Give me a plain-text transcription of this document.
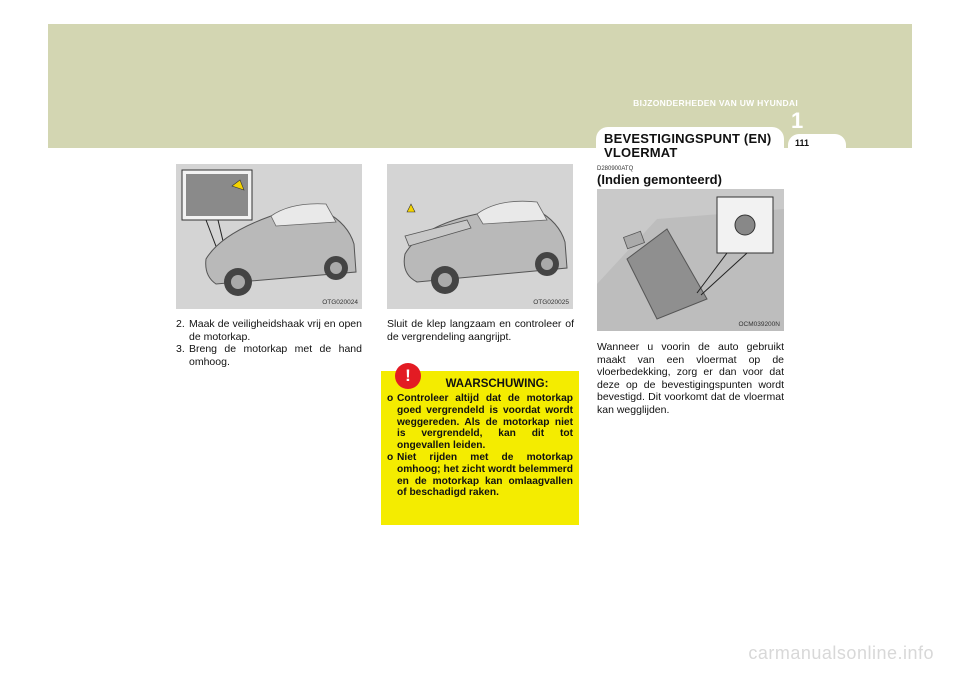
BIJZONDERHEDEN VAN UW HYUNDAI
1
111
BEVESTIGINGSPUNT (EN) VLOERMAT
D280900ATQ
(Indien gemonteerd)
OTG020024	OTG020025
OCM039200N
2. Maak de veiligheidshaak vrij en open de motorkap.
3. Breng de motorkap met de hand omhoog.
Sluit de klep langzaam en controleer of de vergrendeling aangrijpt.
WAARSCHUWING:
o Controleer altijd dat de motorkap goed vergrendeld is voordat wordt weggereden. Als de motorkap niet is vergrendeld, kan dit tot ongevallen leiden.
o Niet rijden met de motorkap omhoog; het zicht wordt belemmerd en de motorkap kan omlaagvallen of beschadigd raken.
!
Wanneer u voorin de auto gebruikt maakt van een vloermat op de vloerbedekking, zorg er dan voor dat deze op de bevestigingspunten wordt bevestigd. Dit voorkomt dat de vloermat kan wegglijden.
carmanualsonline.info
